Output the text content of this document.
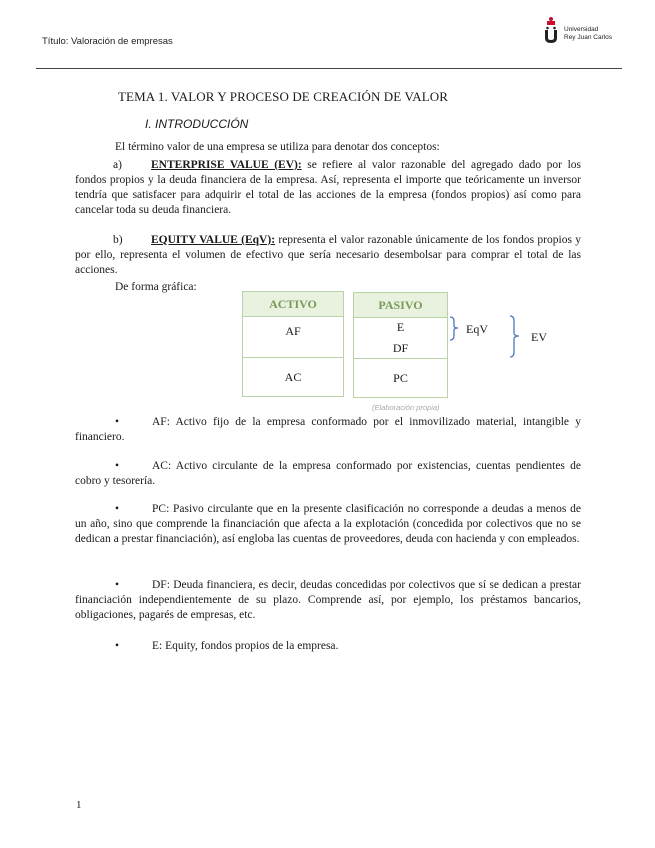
Título: Valoración de empresas
Universidad
Rey Juan Carlos
TEMA 1. VALOR Y PROCESO DE CREACIÓN DE VALOR
I. INTRODUCCIÓN
El término valor de una empresa se utiliza para denotar dos conceptos:
a)	ENTERPRISE VALUE (EV): se refiere al valor razonable del agregado dado por los fondos propios y la deuda financiera de la empresa. Así, representa el importe que teóricamente un inversor tendría que satisfacer para adquirir el total de las acciones de la empresa (fondos propios) así como para cancelar toda su deuda financiera.
b) EQUITY VALUE (EqV): representa el valor razonable únicamente de los fondos propios y por ello, representa el volumen de efectivo que sería necesario desembolsar para comprar el total de las acciones.
De forma gráfica:
ACTIVO
AF
AC
PASIVO
E
DF
PC
EqV
EV
(Elaboración propia)
•	AF: Activo fijo de la empresa conformado por el inmovilizado material, intangible y financiero.
•	AC: Activo circulante de la empresa conformado por existencias, cuentas pendientes de cobro y tesorería.
•	PC: Pasivo circulante que en la presente clasificación no corresponde a deudas a menos de un año, sino que comprende la financiación que afecta a la explotación (concedida por colectivos que no se dedican a prestar financiación), así engloba las cuentas de proveedores, deuda con hacienda y con empleados.
•	DF: Deuda financiera, es decir, deudas concedidas por colectivos que sí se dedican a prestar financiación independientemente de su plazo. Comprende así, por ejemplo, los préstamos bancarios, obligaciones, pagarés de empresas, etc.
•	E: Equity, fondos propios de la empresa.
1
